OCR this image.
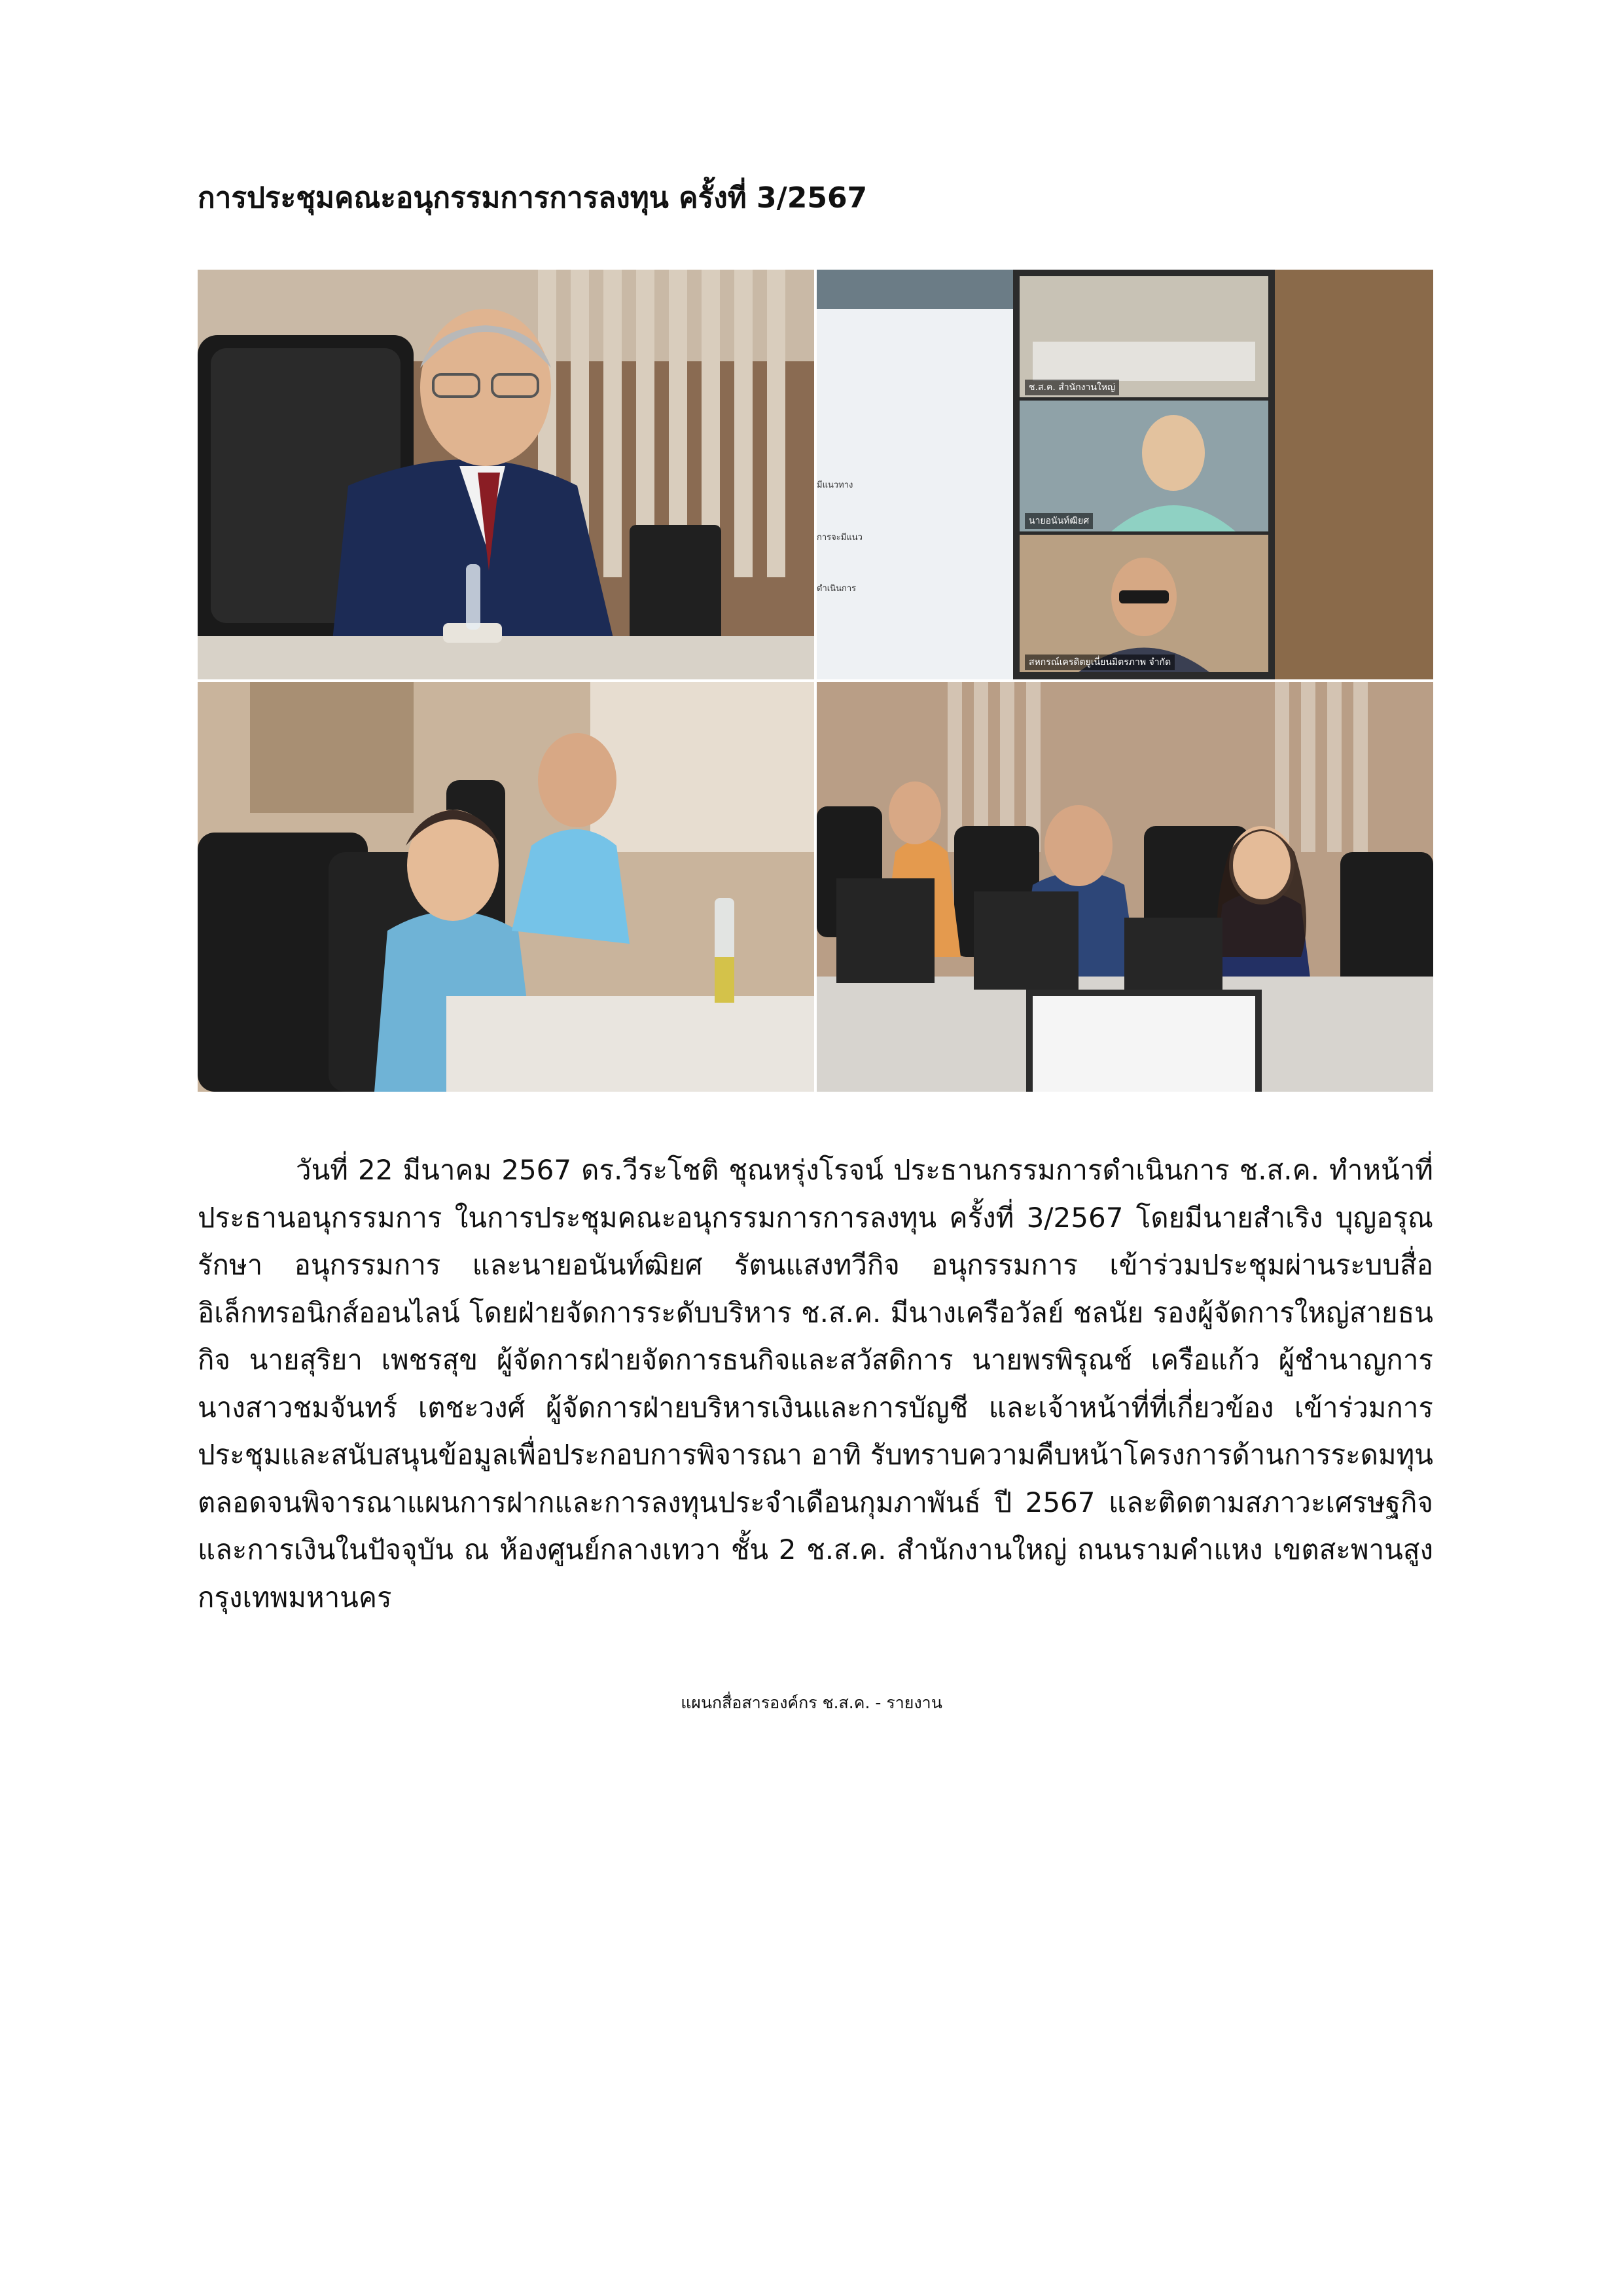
การประชุมคณะอนุกรรมการการลงทุน ครั้งที่ 3/2567
ช.ส.ค. สำนักงานใหญ่
นายอนันท์ฒิยศ
สหกรณ์เครดิตยูเนี่ยนมิตรภาพ จำกัด
มีแนวทาง
การจะมีแนว
ดำเนินการ

วันที่ 22 มีนาคม 2567 ดร.วีระโชติ ชุณหรุ่งโรจน์ ประธานกรรมการดำเนินการ ช.ส.ค. ทำหน้าที่ประธานอนุกรรมการ ในการประชุมคณะอนุกรรมการการลงทุน ครั้งที่ 3/2567 โดยมีนายสำเริง บุญอรุณรักษา อนุกรรมการ และนายอนันท์ฒิยศ รัตนแสงทวีกิจ อนุกรรมการ เข้าร่วมประชุมผ่านระบบสื่ออิเล็กทรอนิกส์ออนไลน์ โดยฝ่ายจัดการระดับบริหาร ช.ส.ค. มีนางเครือวัลย์ ชลนัย รองผู้จัดการใหญ่สายธนกิจ นายสุริยา เพชรสุข ผู้จัดการฝ่ายจัดการธนกิจและสวัสดิการ นายพรพิรุณช์ เครือแก้ว ผู้ชำนาญการ นางสาวชมจันทร์ เตชะวงศ์ ผู้จัดการฝ่ายบริหารเงินและการบัญชี และเจ้าหน้าที่ที่เกี่ยวข้อง เข้าร่วมการประชุมและสนับสนุนข้อมูลเพื่อประกอบการพิจารณา อาทิ รับทราบความคืบหน้าโครงการด้านการระดมทุน ตลอดจนพิจารณาแผนการฝากและการลงทุนประจำเดือนกุมภาพันธ์ ปี 2567 และติดตามสภาวะเศรษฐกิจและการเงินในปัจจุบัน ณ ห้องศูนย์กลางเทวา ชั้น 2 ช.ส.ค. สำนักงานใหญ่ ถนนรามคำแหง เขตสะพานสูง กรุงเทพมหานคร

แผนกสื่อสารองค์กร ช.ส.ค. - รายงาน
